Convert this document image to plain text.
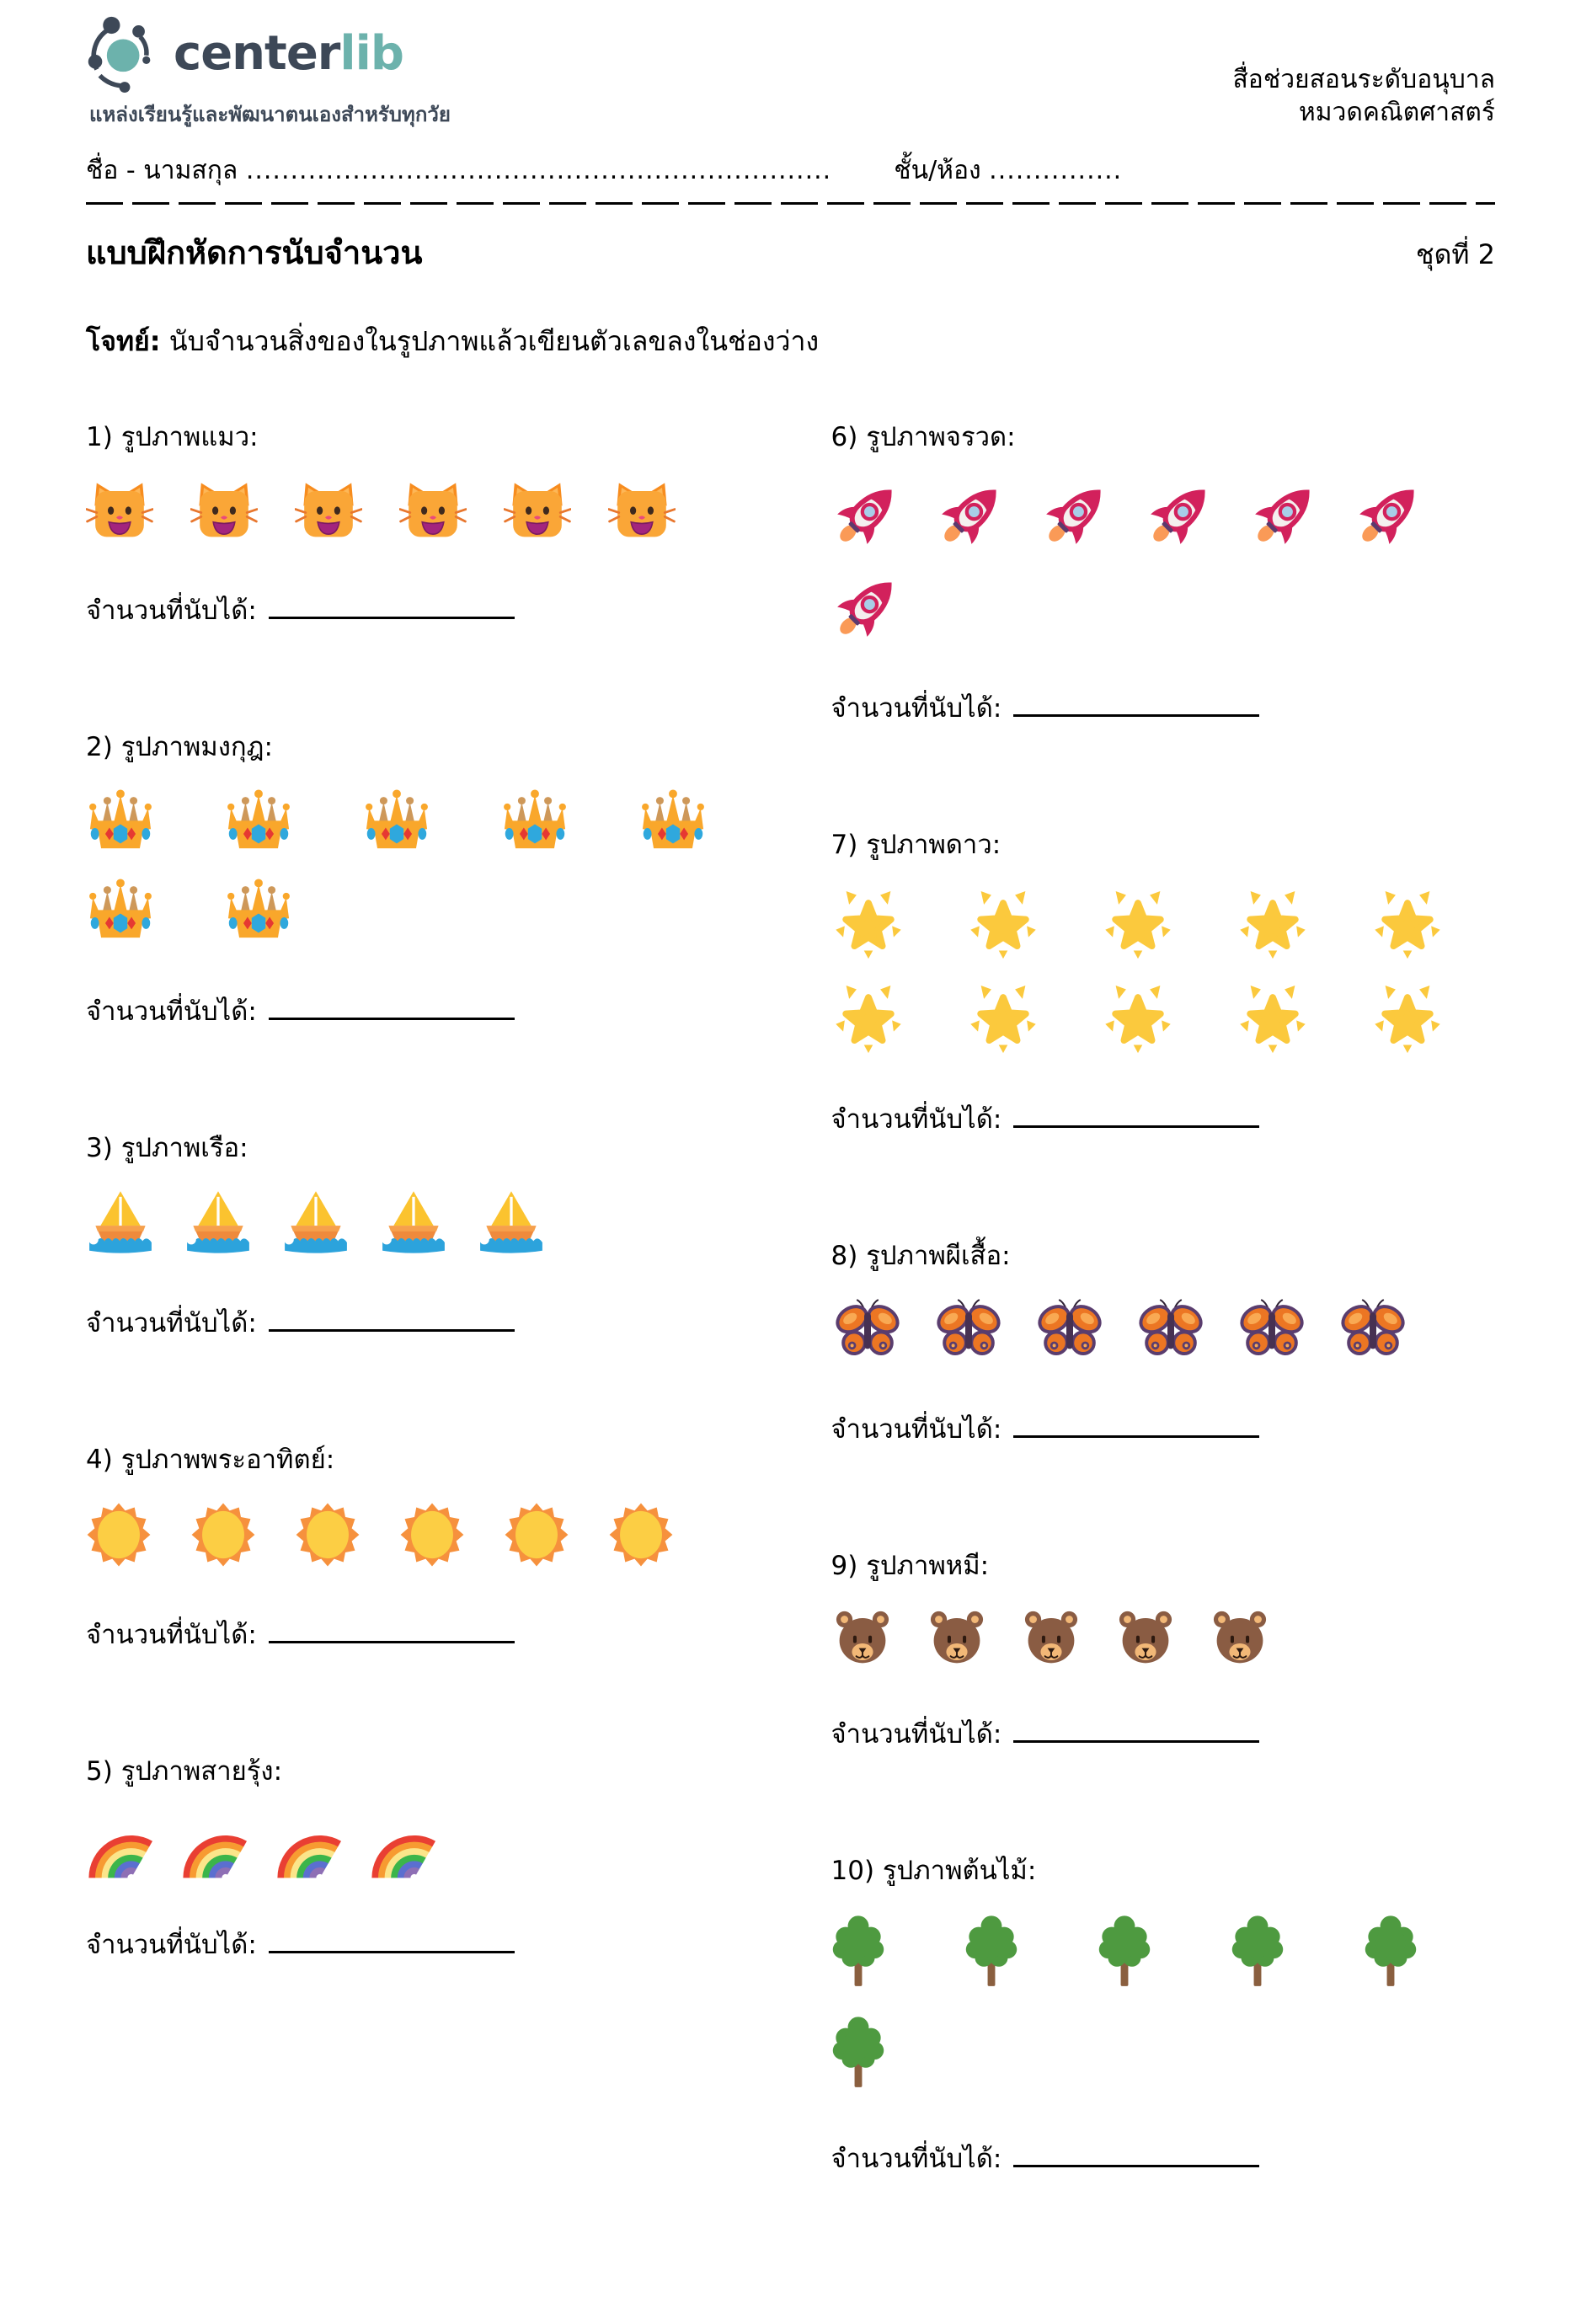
centerlib
แหล่งเรียนรู้และพัฒนาตนเองสำหรับทุกวัย
สื่อช่วยสอนระดับอนุบาล
หมวดคณิตศาสตร์
ชื่อ - นามสกุล
.................................................................. ชั้น/ห้อง
...............
แบบฝึกหัดการนับจำนวน	ชุดที่ 2
โจทย์: นับจำนวนสิ่งของในรูปภาพแล้วเขียนตัวเลขลงในช่องว่าง
1) รูปภาพแมว:
จำนวนที่นับได้:
2) รูปภาพมงกุฎ:
จำนวนที่นับได้:
3) รูปภาพเรือ:
จำนวนที่นับได้:
4) รูปภาพพระอาทิตย์:
จำนวนที่นับได้:
5) รูปภาพสายรุ้ง:
จำนวนที่นับได้:
6) รูปภาพจรวด:
จำนวนที่นับได้:
7) รูปภาพดาว:
จำนวนที่นับได้:
8) รูปภาพผีเสื้อ:
จำนวนที่นับได้:
9) รูปภาพหมี:
จำนวนที่นับได้:
10) รูปภาพต้นไม้:
จำนวนที่นับได้:
